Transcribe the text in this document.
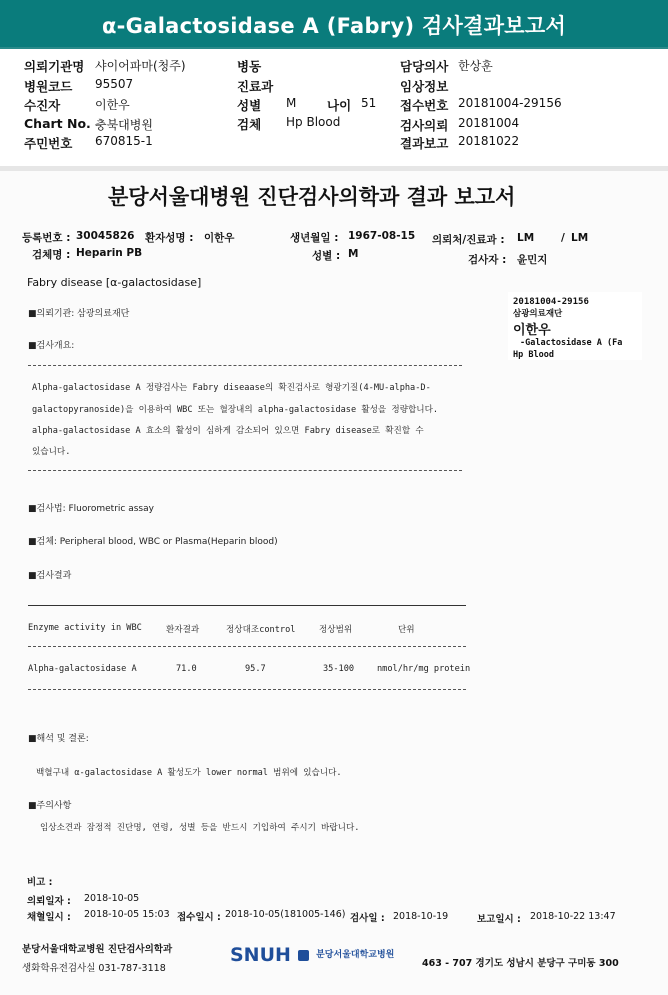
α-Galactosidase A (Fabry) 검사결과보고서
의뢰기관명 샤이어파마(청주)
병원코드 95507
수진자	이한우
Chart No. 충북대병원
주민번호 670815-1
병동
진료과
성별 M 나이 51
검체 Hp Blood
담당의사 한상훈
임상정보
접수번호 20181004-29156
검사의뢰 20181004
결과보고 20181022
분당서울대병원 진단검사의학과 결과 보고서
등록번호 : 30045826 환자성명 : 이한우	생년월일 : 1967-08-15 의뢰처/진료과 : LM	/ LM
검체명 : Heparin PB	성별 : M	검사자 : 윤민지
Fabry disease [α-galactosidase]
20181004-29156
삼광의료재단
이한우
-Galactosidase A (Fa
Hp Blood
■의뢰기관: 삼광의료재단
■검사개요:
Alpha-galactosidase A 정량검사는 Fabry diseaase의 확진검사로 형광기질(4-MU-alpha-D-
galactopyranoside)을 이용하여 WBC 또는 혈장내의 alpha-galactosidase 활성을 정량합니다.
alpha-galactosidase A 효소의 활성이 심하게 감소되어 있으면 Fabry disease로 확진할 수
있습니다.
■검사법: Fluorometric assay
■검체: Peripheral blood, WBC or Plasma(Heparin blood)
■검사결과
Enzyme activity in WBC	환자결과	정상대조control	정상범위	단위
Alpha-galactosidase A	71.0	95.7	35-100	nmol/hr/mg protein
■해석 및 결론:
백혈구내 α-galactosidase A 활성도가 lower normal 범위에 있습니다.
■주의사항
임상소견과 잠정적 진단명, 연령, 성별 등을 반드시 기입하여 주시기 바랍니다.
비고 :
의뢰일자 : 2018-10-05
채혈일시 : 2018-10-05 15:03 접수일시 : 2018-10-05(181005-146) 검사일 : 2018-10-19	보고일시 : 2018-10-22 13:47
분당서울대학교병원 진단검사의학과
생화학유전검사실 031-787-3118
SNUH	$^{분당서울대학교병원}$
463 - 707 경기도 성남시 분당구 구미동 300
